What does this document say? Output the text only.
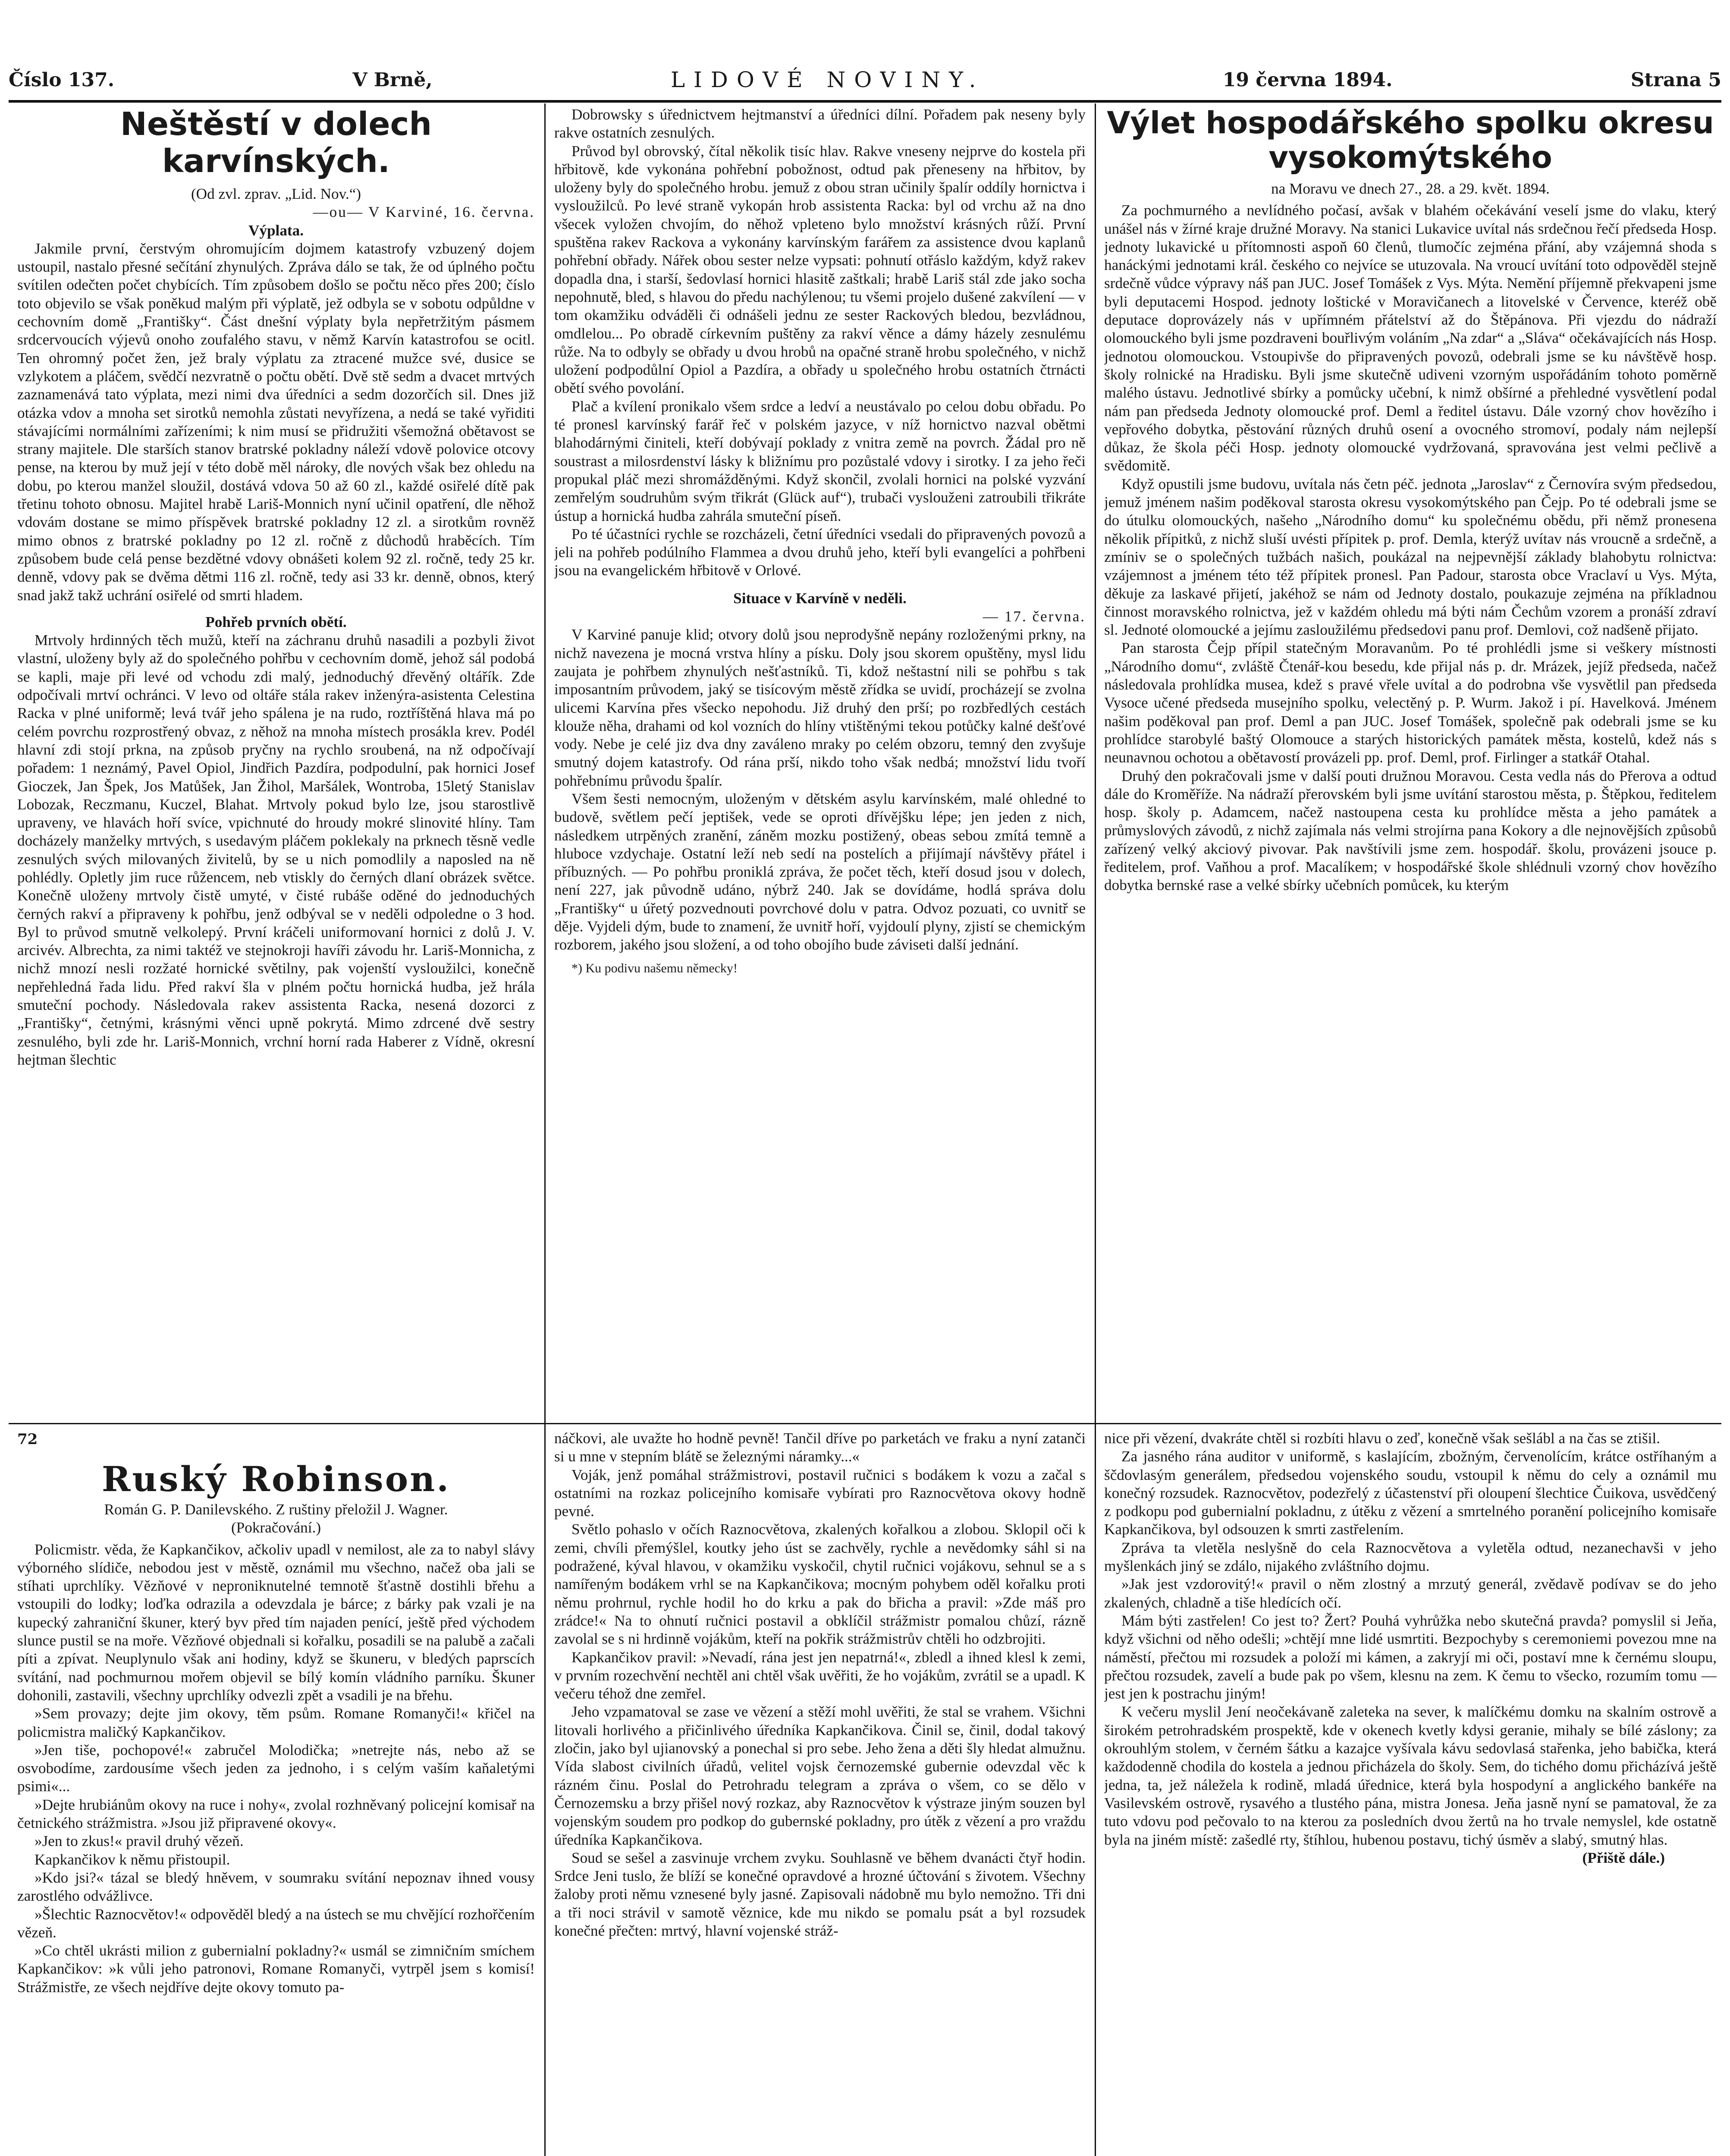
Číslo 137.	V Brně,	LIDOVÉ NOVINY.	19 června 1894.	Strana 5
Neštěstí v dolech karvínských.

(Od zvl. zprav. „Lid. Nov.“)

—ou— V Karviné, 16. června.

Výplata.

Jakmile první, čerstvým ohromujícím dojmem katastrofy vzbuzený dojem ustoupil, nastalo přesné sečítání zhynulých. Zpráva dálo se tak, že od úplného počtu svítilen odečten počet chybících. Tím způsobem došlo se počtu něco přes 200; číslo toto objevilo se však poněkud malým při výplatě, jež odbyla se v sobotu odpůldne v cechovním domě „Františky“. Část dnešní výplaty byla nepřetržitým pásmem srdcervoucích výjevů onoho zoufalého stavu, v němž Karvín katastrofou se ocitl. Ten ohromný počet žen, jež braly výplatu za ztracené mužce své, dusice se vzlykotem a pláčem, svědčí nezvratně o počtu obětí. Dvě stě sedm a dvacet mrtvých zaznamenává tato výplata, mezi nimi dva úředníci a sedm dozorčích sil. Dnes již otázka vdov a mnoha set sirotků nemohla zůstati nevyřízena, a nedá se také vyřiditi stávajícími normálními zařízeními; k nim musí se přidružiti všemožná obětavost se strany majitele. Dle starších stanov bratrské pokladny náleží vdově polovice otcovy pense, na kterou by muž její v této době měl nároky, dle nových však bez ohledu na dobu, po kterou manžel sloužil, dostává vdova 50 až 60 zl., každé osiřelé dítě pak třetinu tohoto obnosu. Majitel hrabě Lariš-Monnich nyní učinil opatření, dle něhož vdovám dostane se mimo příspěvek bratrské pokladny 12 zl. a sirotkům rovněž mimo obnos z bratrské pokladny po 12 zl. ročně z důchodů hraběcích. Tím způsobem bude celá pense bezdětné vdovy obnášeti kolem 92 zl. ročně, tedy 25 kr. denně, vdovy pak se dvěma dětmi 116 zl. ročně, tedy asi 33 kr. denně, obnos, který snad jakž takž uchrání osiřelé od smrti hladem.

Pohřeb prvních obětí.

Mrtvoly hrdinných těch mužů, kteří na záchranu druhů nasadili a pozbyli život vlastní, uloženy byly až do společného pohřbu v cechovním domě, jehož sál podobá se kapli, maje při levé od vchodu zdi malý, jednoduchý dřevěný oltářík. Zde odpočívali mrtví ochránci. V levo od oltáře stála rakev inženýra-asistenta Celestina Racka v plné uniformě; levá tvář jeho spálena je na rudo, roztříštěná hlava má po celém povrchu rozprostřený obvaz, z něhož na mnoha místech prosákla krev. Podél hlavní zdi stojí prkna, na způsob pryčny na rychlo sroubená, na nž odpočívají pořadem: 1 neznámý, Pavel Opiol, Jindřich Pazdíra, podpodulní, pak hornici Josef Gioczek, Jan Špek, Jos Matůšek, Jan Žihol, Maršálek, Wontroba, 15letý Stanislav Lobozak, Reczmanu, Kuczel, Blahat. Mrtvoly pokud bylo lze, jsou starostlivě upraveny, ve hlavách hoří svíce, vpichnuté do hroudy mokré slinovité hlíny. Tam docházely manželky mrtvých, s usedavým pláčem poklekaly na prknech těsně vedle zesnulých svých milovaných živitelů, by se u nich pomodlily a naposled na ně pohlédly. Opletly jim ruce růžencem, neb vtiskly do černých dlaní obrázek světce. Konečně uloženy mrtvoly čistě umyté, v čisté rubáše oděné do jednoduchých černých rakví a připraveny k pohřbu, jenž odbýval se v neděli odpoledne o 3 hod. Byl to průvod smutně velkolepý. První kráčeli uniformovaní hornici z dolů J. V. arcivév. Albrechta, za nimi taktéž ve stejnokroji havíři závodu hr. Lariš-Monnicha, z nichž mnozí nesli rozžaté hornické světilny, pak vojenští vysloužilci, konečně nepřehledná řada lidu. Před rakví šla v plném počtu hornická hudba, jež hrála smuteční pochody. Následovala rakev assistenta Racka, nesená dozorci z „Františky“, četnými, krásnými věnci upně pokrytá. Mimo zdrcené dvě sestry zesnulého, byli zde hr. Lariš-Monnich, vrchní horní rada Haberer z Vídně, okresní hejtman šlechtic

Dobrowsky s úřednictvem hejtmanství a úředníci dílní. Pořadem pak neseny byly rakve ostatních zesnulých.

Průvod byl obrovský, čítal několik tisíc hlav. Rakve vneseny nejprve do kostela při hřbitově, kde vykonána pohřební pobožnost, odtud pak přeneseny na hřbitov, by uloženy byly do společného hrobu. jemuž z obou stran učinily špalír oddíly hornictva i vysloužilců. Po levé straně vykopán hrob assistenta Racka: byl od vrchu až na dno všecek vyložen chvojím, do něhož vpleteno bylo množství krásných růží. První spuštěna rakev Rackova a vykonány karvínským farářem za assistence dvou kaplanů pohřební obřady. Nářek obou sester nelze vypsati: pohnutí otřáslo každým, když rakev dopadla dna, i starší, šedovlasí hornici hlasitě zaštkali; hrabě Lariš stál zde jako socha nepohnutě, bled, s hlavou do předu nachýlenou; tu všemi projelo dušené zakvílení — v tom okamžiku odváděli či odnášeli jednu ze sester Rackových bledou, bezvládnou, omdlelou... Po obradě církevním puštěny za rakví věnce a dámy házely zesnulému růže. Na to odbyly se obřady u dvou hrobů na opačné straně hrobu společného, v nichž uložení podpodůlní Opiol a Pazdíra, a obřady u společného hrobu ostatních čtrnácti obětí svého povolání.

Plač a kvílení pronikalo všem srdce a ledví a neustávalo po celou dobu obřadu. Po té pronesl karvínský farář řeč v polském jazyce, v níž hornictvo nazval obětmi blahodárnými činiteli, kteří dobývají poklady z vnitra země na povrch. Žádal pro ně soustrast a milosrdenství lásky k bližnímu pro pozůstalé vdovy i sirotky. I za jeho řeči propukal pláč mezi shromážděnými. Když skončil, zvolali hornici na polské vyzvání zemřelým soudruhům svým třikrát (Glück auf“), trubači vyslouženi zatroubili třikráte ústup a hornická hudba zahrála smuteční píseň.

Po té účastníci rychle se rozcházeli, četní úředníci vsedali do připravených povozů a jeli na pohřeb podúlního Flammea a dvou druhů jeho, kteří byli evangelíci a pohřbeni jsou na evangelickém hřbitově v Orlové.

Situace v Karvíně v neděli.

— 17. června.

V Karviné panuje klid; otvory dolů jsou neprodyšně nepány rozloženými prkny, na nichž navezena je mocná vrstva hlíny a písku. Doly jsou skorem opuštěny, mysl lidu zaujata je pohřbem zhynulých nešťastníků. Ti, kdož neštastní nili se pohřbu s tak imposantním průvodem, jaký se tisícovým městě zřídka se uvidí, procházejí se zvolna ulicemi Karvína přes všecko nepohodu. Již druhý den prší; po rozbředlých cestách klouže něha, drahami od kol vozních do hlíny vtištěnými tekou potůčky kalné dešťové vody. Nebe je celé jiz dva dny zaváleno mraky po celém obzoru, temný den zvyšuje smutný dojem katastrofy. Od rána prší, nikdo toho však nedbá; množství lidu tvoří pohřebnímu průvodu špalír.

Všem šesti nemocným, uloženým v dětském asylu karvínském, malé ohledné to budově, světlem pečí jeptišek, vede se oproti dřívějšku lépe; jen jeden z nich, následkem utrpěných zranění, záněm mozku postižený, obeas sebou zmítá temně a hluboce vzdychaje. Ostatní leží neb sedí na postelích a přijímají návštěvy přátel i příbuzných. — Po pohřbu proniklá zpráva, že počet těch, kteří dosud jsou v dolech, není 227, jak původně udáno, nýbrž 240. Jak se dovídáme, hodlá správa dolu „Františky“ u úřetý pozvednouti povrchové dolu v patra. Odvoz pozuati, co uvnitř se děje. Vyjdeli dým, bude to znamení, že uvnitř hoří, vyjdoulí plyny, zjistí se chemickým rozborem, jakého jsou složení, a od toho obojího bude záviseti další jednání.

*) Ku podivu našemu německy!

Výlet hospodářského spolku okresu vysokomýtského

na Moravu ve dnech 27., 28. a 29. květ. 1894.

Za pochmurného a nevlídného počasí, avšak v blahém očekávání veselí jsme do vlaku, který unášel nás v žírné kraje družné Moravy. Na stanici Lukavice uvítal nás srdečnou řečí předseda Hosp. jednoty lukavické u přítomnosti aspoň 60 členů, tlumočíc zejména přání, aby vzájemná shoda s hanáckými jednotami král. českého co nejvíce se utuzovala. Na vroucí uvítání toto odpověděl stejně srdečně vůdce výpravy náš pan JUC. Josef Tomášek z Vys. Mýta. Nemění příjemně překvapeni jsme byli deputacemi Hospod. jednoty loštické v Moravičanech a litovelské v Července, kteréž obě deputace doprovázely nás v upřímném přátelství až do Štěpánova. Při vjezdu do nádraží olomouckého byli jsme pozdraveni bouřlivým voláním „Na zdar“ a „Sláva“ očekávajících nás Hosp. jednotou olomouckou. Vstoupivše do připravených povozů, odebrali jsme se ku návštěvě hosp. školy rolnické na Hradisku. Byli jsme skutečně udiveni vzorným uspořádáním tohoto poměrně malého ústavu. Jednotlivé sbírky a pomůcky učební, k nimž obšírné a přehledné vysvětlení podal nám pan předseda Jednoty olomoucké prof. Deml a ředitel ústavu. Dále vzorný chov hovězího i vepřového dobytka, pěstování různých druhů osení a ovocného stromoví, podaly nám nejlepší důkaz, že škola péči Hosp. jednoty olomoucké vydržovaná, spravována jest velmi pečlivě a svědomitě.

Když opustili jsme budovu, uvítala nás četn péč. jednota „Jaroslav“ z Černovíra svým předsedou, jemuž jménem našim poděkoval starosta okresu vysokomýtského pan Čejp. Po té odebrali jsme se do útulku olomouckých, našeho „Národního domu“ ku společnému obědu, při němž pronesena několik přípitků, z nichž sluší uvésti přípitek p. prof. Demla, kterýž uvítav nás vroucně a srdečně, a zmíniv se o společných tužbách našich, poukázal na nejpevnější základy blahobytu rolnictva: vzájemnost a jménem této též přípitek pronesl. Pan Padour, starosta obce Vraclaví u Vys. Mýta, děkuje za laskavé přijetí, jakéhož se nám od Jednoty dostalo, poukazuje zejména na příkladnou činnost moravského rolnictva, jež v každém ohledu má býti nám Čechům vzorem a pronáší zdraví sl. Jednoté olomoucké a jejímu zasloužilému předsedovi panu prof. Demlovi, což nadšeně přijato.

Pan starosta Čejp přípil statečným Moravanům. Po té prohlédli jsme si veškery místnosti „Národního domu“, zvláště Čtenář-kou besedu, kde přijal nás p. dr. Mrázek, jejíž předseda, načež následovala prohlídka musea, kdež s pravé vřele uvítal a do podrobna vše vysvětlil pan předseda Vysoce učené předseda musejního spolku, velectěný p. P. Wurm. Jakož i pí. Havelková. Jménem našim poděkoval pan prof. Deml a pan JUC. Josef Tomášek, společně pak odebrali jsme se ku prohlídce starobylé baštý Olomouce a starých historických památek města, kostelů, kdež nás s neunavnou ochotou a obětavostí provázeli pp. prof. Deml, prof. Firlinger a statkář Otahal.

Druhý den pokračovali jsme v další pouti družnou Moravou. Cesta vedla nás do Přerova a odtud dále do Kroměříže. Na nádraží přerovském byli jsme uvítání starostou města, p. Štěpkou, ředitelem hosp. školy p. Adamcem, načež nastoupena cesta ku prohlídce města a jeho památek a průmyslových závodů, z nichž zajímala nás velmi strojírna pana Kokory a dle nejnovějších způsobů zařízený velký akciový pivovar. Pak navštívili jsme zem. hospodář. školu, provázeni jsouce p. ředitelem, prof. Vaňhou a prof. Macalíkem; v hospodářské škole shlédnuli vzorný chov hovězího dobytka bernské rase a velké sbírky učebních pomůcek, ku kterým

72
Ruský Robinson.

Román G. P. Danilevského. Z ruštiny přeložil J. Wagner.

(Pokračování.)

Policmistr. věda, že Kapkančikov, ačkoliv upadl v nemilost, ale za to nabyl slávy výborného slídiče, nebodou jest v městě, oznámil mu všechno, načež oba jali se stíhati uprchlíky. Vězňové v neproniknutelné temnotě šťastně dostihli břehu a vstoupili do lodky; loďka odrazila a odevzdala je bárce; z bárky pak vzali je na kupecký zahraniční škuner, který byv před tím najaden penící, ještě před východem slunce pustil se na moře. Vězňové objednali si kořalku, posadili se na palubě a začali píti a zpívat. Neuplynulo však ani hodiny, když se škuneru, v bledých paprscích svítání, nad pochmurnou mořem objevil se bílý komín vládního parníku. Škuner dohonili, zastavili, všechny uprchlíky odvezli zpět a vsadili je na břehu.

»Sem provazy; dejte jim okovy, těm psům. Romane Romanyči!« křičel na policmistra maličký Kapkančikov.

»Jen tiše, pochopové!« zabručel Molodička; »netrejte nás, nebo až se osvobodíme, zardousíme všech jeden za jednoho, i s celým vaším kaňaletými psimi«...

»Dejte hrubiánům okovy na ruce i nohy«, zvolal rozhněvaný policejní komisař na četnického strážmistra. »Jsou již připravené okovy«.

»Jen to zkus!« pravil druhý vězeň.

Kapkančikov k němu přistoupil.

»Kdo jsi?« tázal se bledý hněvem, v soumraku svítání nepoznav ihned vousy zarostlého odvážlivce.

»Šlechtic Raznocvětov!« odpověděl bledý a na ústech se mu chvějící rozhořčením vězeň.

»Co chtěl ukrásti milion z gubernialní pokladny?« usmál se zimničním smíchem Kapkančikov: »k vůli jeho patronovi, Romane Romanyči, vytrpěl jsem s komisí! Strážmistře, ze všech nejdříve dejte okovy tomuto pa-

náčkovi, ale uvažte ho hodně pevně! Tančil dříve po parketách ve fraku a nyní zatanči si u mne v stepním blátě se železnými náramky...«

Voják, jenž pomáhal strážmistrovi, postavil ručnici s bodákem k vozu a začal s ostatními na rozkaz policejního komisaře vybírati pro Raznocvětova okovy hodně pevné.

Světlo pohaslo v očích Raznocvětova, zkalených kořalkou a zlobou. Sklopil oči k zemi, chvíli přemýšlel, koutky jeho úst se zachvěly, rychle a nevědomky sáhl si na podražené, kýval hlavou, v okamžiku vyskočil, chytil ručnici vojákovu, sehnul se a s namířeným bodákem vrhl se na Kapkančikova; mocným pohybem oděl kořalku proti němu prohrnul, rychle hodil ho do krku a pak do břicha a pravil: »Zde máš pro zrádce!« Na to ohnutí ručnici postavil a obklíčil strážmistr pomalou chůzí, rázně zavolal se s ni hrdinně vojákům, kteří na pokřik strážmistrův chtěli ho odzbrojiti.

Kapkančikov pravil: »Nevadí, rána jest jen nepatrná!«, zbledl a ihned klesl k zemi, v prvním rozechvění nechtěl ani chtěl však uvěřiti, že ho vojákům, zvrátil se a upadl. K večeru téhož dne zemřel.

Jeho vzpamatoval se zase ve vězení a stěží mohl uvěřiti, že stal se vrahem. Všichni litovali horlivého a přičinlivého úředníka Kapkančikova. Činil se, činil, dodal takový zločin, jako byl ujianovský a ponechal si pro sebe. Jeho žena a děti šly hledat almužnu. Vída slabost civilních úřadů, velitel vojsk černozemské gubernie odevzdal věc k rázném činu. Poslal do Petrohradu telegram a zpráva o všem, co se dělo v Černozemsku a brzy přišel nový rozkaz, aby Raznocvětov k výstraze jiným souzen byl vojenským soudem pro podkop do gubernské pokladny, pro útěk z vězení a pro vraždu úředníka Kapkančikova.

Soud se sešel a zasvinuje vrchem zvyku. Souhlasně ve během dvanácti čtyř hodin. Srdce Jeni tuslo, že blíží se konečné opravdové a hrozné účtování s životem. Všechny žaloby proti němu vznesené byly jasné. Zapisovali nádobně mu bylo nemožno. Tři dni a tři noci strávil v samotě věznice, kde mu nikdo se pomalu psát a byl rozsudek konečné přečten: mrtvý, hlavní vojenské stráž-

nice při vězení, dvakráte chtěl si rozbíti hlavu o zeď, konečně však sešlábl a na čas se ztišil.

Za jasného rána auditor v uniformě, s kaslajícím, zbožným, červenolícím, krátce ostříhaným a ščdovlasým generálem, předsedou vojenského soudu, vstoupil k němu do cely a oznámil mu konečný rozsudek. Raznocvětov, podezřelý z účastenství při oloupení šlechtice Čuikova, usvědčený z podkopu pod gubernialní pokladnu, z útěku z vězení a smrtelného poranění policejního komisaře Kapkančikova, byl odsouzen k smrti zastřelením.

Zpráva ta vletěla neslyšně do cela Raznocvětova a vyletěla odtud, nezanechavši v jeho myšlenkách jiný se zdálo, nijakého zvláštního dojmu.

»Jak jest vzdorovitý!« pravil o něm zlostný a mrzutý generál, zvědavě podívav se do jeho zkalených, chladně a tiše hledících očí.

Mám býti zastřelen! Co jest to? Žert? Pouhá vyhrůžka nebo skutečná pravda? pomyslil si Jeňa, když všichni od něho odešli; »chtějí mne lidé usmrtiti. Bezpochyby s ceremoniemi povezou mne na náměstí, přečtou mi rozsudek a položí mi kámen, a zakryjí mi oči, postaví mne k černému sloupu, přečtou rozsudek, zavelí a bude pak po všem, klesnu na zem. K čemu to všecko, rozumím tomu — jest jen k postrachu jiným!

K večeru myslil Jení neočekávaně zaleteka na sever, k malíčkému domku na skalním ostrově a širokém petrohradském prospektě, kde v okenech kvetly kdysi geranie, mihaly se bílé záslony; za okrouhlým stolem, v černém šátku a kazajce vyšívala kávu sedovlasá stařenka, jeho babička, která každodenně chodila do kostela a jednou přicházela do školy. Sem, do tichého domu přicházívá ještě jedna, ta, jež náležela k rodině, mladá úřednice, která byla hospodyní a anglického bankéře na Vasilevském ostrově, rysavého a tlustého pána, mistra Jonesa. Jeňa jasně nyní se pamatoval, že za tuto vdovu pod pečovalo to na kterou za posledních dvou žertů na ho trvale nemyslel, kde ostatně byla na jiném místě: zašedlé rty, štíhlou, hubenou postavu, tichý úsměv a slabý, smutný hlas.

(Přiště dále.)
